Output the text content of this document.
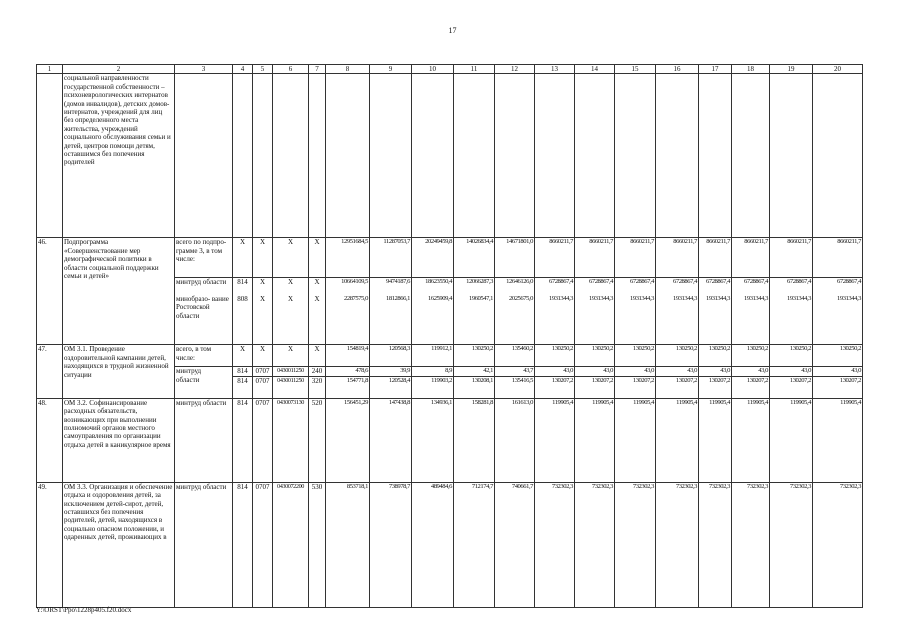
17
1	2	3	4	5	6	7	8	9	10	11	12	13	14	15	16	17	18	19	20
	социальной направленности государственной собственности – психоневрологических интернатов (домов инвалидов), детских домов-интернатов, учреждений для лиц без определенного места жительства, учреждений социального обслуживания семьи и детей, центров помощи детям, оставшимся без попечения родителей																		
46.	Подпрограмма «Совершенствование мер демографической политики в области социальной поддержки семьи и детей»	всего по подпро- грамме 3, в том числе:	Х	Х	Х	Х	12951684,5	11287053,7	20249459,8	14026834,4	14671801,0	8660211,7	8660211,7	8660211,7	8660211,7	8660211,7	8660211,7	8660211,7	8660211,7
		минтруд области	814	Х	Х	Х	10664109,5	9474187,6	18623550,4	12066287,3	12646126,0	6728867,4	6728867,4	6728867,4	6728867,4	6728867,4	6728867,4	6728867,4	6728867,4
		минобразо- вание Ростовской области	808	Х	Х	Х	2287575,0	1812866,1	1625909,4	1960547,1	2025675,0	1931344,3	1931344,3	1931344,3	1931344,3	1931344,3	1931344,3	1931344,3	1931344,3
47.	ОМ 3.1. Проведение оздоровительной кампании детей, находящихся в трудной жизненной ситуации	всего, в том числе:	Х	Х	Х	Х	154819,4	120568,3	119912,1	130250,2	135460,2	130250,2	130250,2	130250,2	130250,2	130250,2	130250,2	130250,2	130250,2
		минтруд	814	0707	0430011250	240	478,6	39,9	8,9	42,1	43,7	43,0	43,0	43,0	43,0	43,0	43,0	43,0	43,0
		области	814	0707	0430011250	320	154771,8	120528,4	119903,2	130208,1	135416,5	130207,2	130207,2	130207,2	130207,2	130207,2	130207,2	130207,2	130207,2
48.	ОМ 3.2. Софинансирование расходных обязательств, возникающих при выполнении полномочий органов местного самоуправления по организации отдыха детей в каникулярное время	минтруд области	814	0707	0430073130	520	156451,29	147438,8	134936,1	158281,8	161613,0	119905,4	119905,4	119905,4	119905,4	119905,4	119905,4	119905,4	119905,4
49.	ОМ 3.3. Организация и обеспечение отдыха и оздоровления детей, за исключением детей-сирот, детей, оставшихся без попечения родителей, детей, находящихся в социально опасном положении, и одаренных детей, проживающих в	минтруд области	814	0707	0430072200	530	853718,1	738978,7	489484,6	712174,7	740661,7	732302,3	732302,3	732302,3	732302,3	732302,3	732302,3	732302,3	732302,3
Y:\ORST\Ppo\1228p405.f20.docx
